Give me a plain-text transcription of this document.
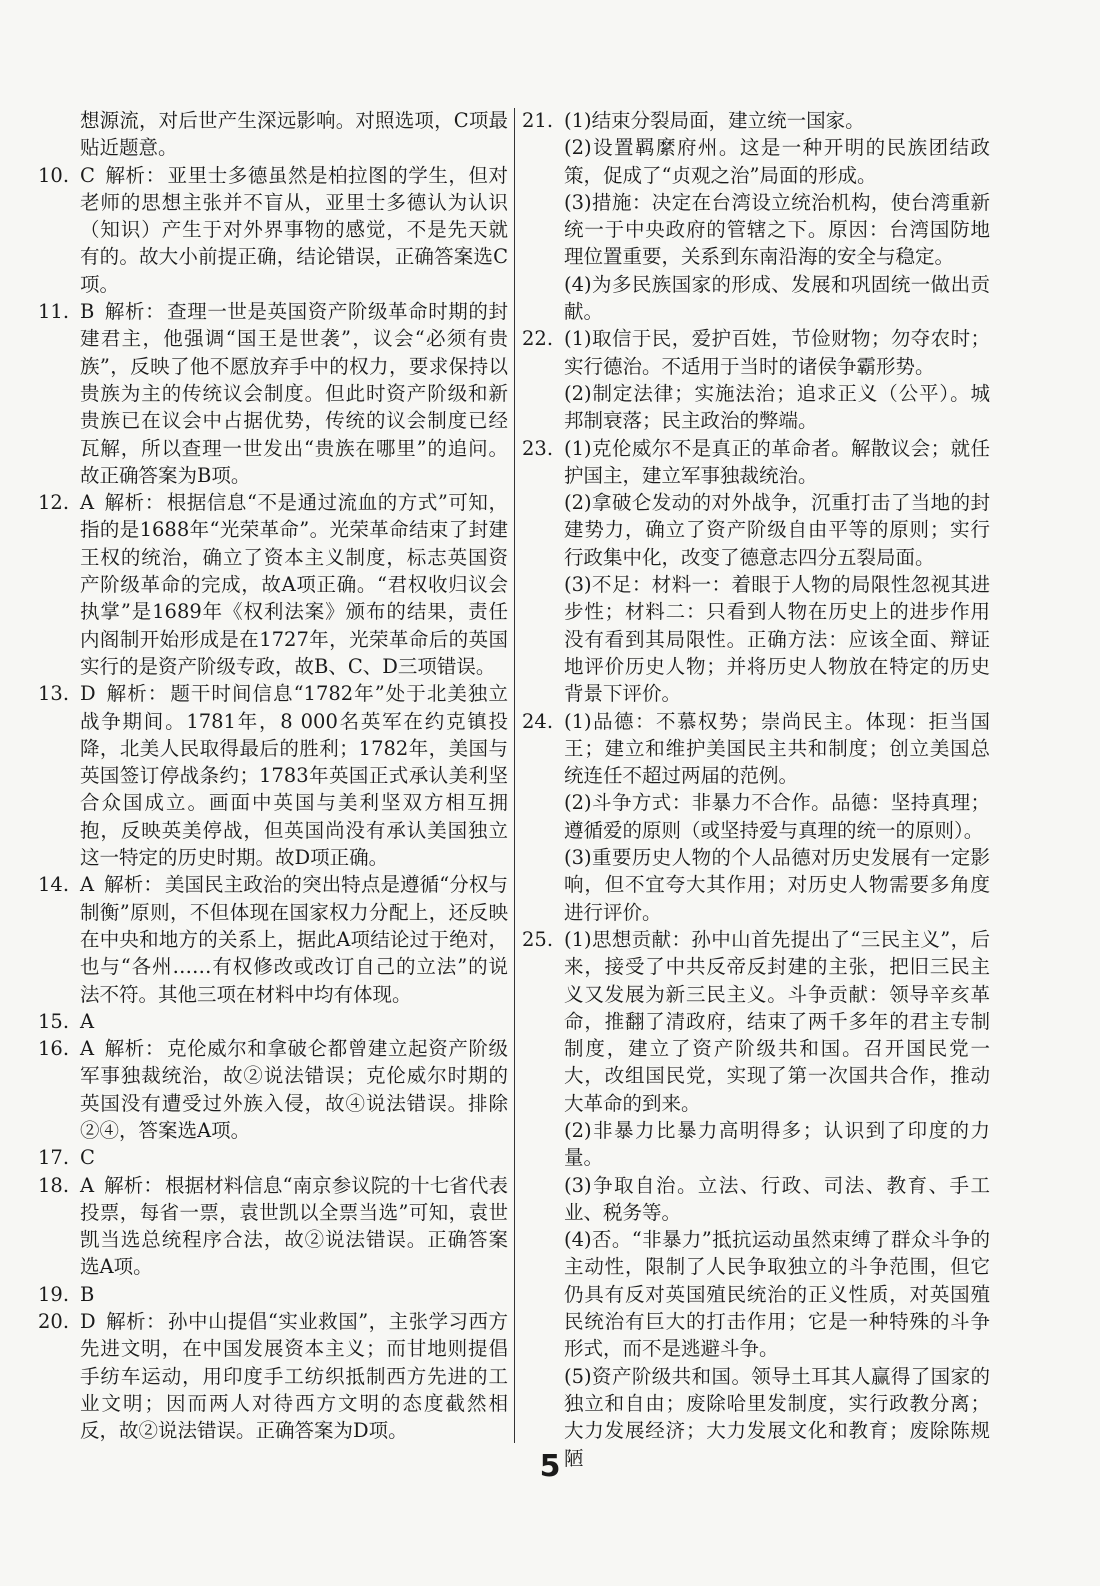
想源流，对后世产生深远影响。对照选项，C项最贴近题意。
10. C 解析： 亚里士多德虽然是柏拉图的学生，但对老师的思想主张并不盲从，亚里士多德认为认识（知识）产生于对外界事物的感觉，不是先天就有的。故大小前提正确，结论错误，正确答案选C项。
11. B 解析： 查理一世是英国资产阶级革命时期的封建君主，他强调“国王是世袭”，议会“必须有贵族”，反映了他不愿放弃手中的权力，要求保持以贵族为主的传统议会制度。但此时资产阶级和新贵族已在议会中占据优势，传统的议会制度已经瓦解，所以查理一世发出“贵族在哪里”的追问。故正确答案为B项。
12. A 解析： 根据信息“不是通过流血的方式”可知，指的是1688年“光荣革命”。光荣革命结束了封建王权的统治，确立了资本主义制度，标志英国资产阶级革命的完成，故A项正确。“君权收归议会执掌”是1689年《权利法案》颁布的结果，责任内阁制开始形成是在1727年，光荣革命后的英国实行的是资产阶级专政，故B、C、D三项错误。
13. D 解析： 题干时间信息“1782年”处于北美独立战争期间。1781年，8 000名英军在约克镇投降，北美人民取得最后的胜利；1782年，美国与英国签订停战条约；1783年英国正式承认美利坚合众国成立。画面中英国与美利坚双方相互拥抱，反映英美停战，但英国尚没有承认美国独立这一特定的历史时期。故D项正确。
14. A 解析： 美国民主政治的突出特点是遵循“分权与制衡”原则，不但体现在国家权力分配上，还反映在中央和地方的关系上，据此A项结论过于绝对，也与“各州……有权修改或改订自己的立法”的说法不符。其他三项在材料中均有体现。
15. A
16. A 解析： 克伦威尔和拿破仑都曾建立起资产阶级军事独裁统治，故②说法错误；克伦威尔时期的英国没有遭受过外族入侵，故④说法错误。排除②④，答案选A项。
17. C
18. A 解析： 根据材料信息“南京参议院的十七省代表投票，每省一票，袁世凯以全票当选”可知，袁世凯当选总统程序合法，故②说法错误。正确答案选A项。
19. B
20. D 解析： 孙中山提倡“实业救国”，主张学习西方先进文明，在中国发展资本主义；而甘地则提倡手纺车运动，用印度手工纺织抵制西方先进的工业文明；因而两人对待西方文明的态度截然相反，故②说法错误。正确答案为D项。
21. (1)结束分裂局面，建立统一国家。
(2)设置羁縻府州。这是一种开明的民族团结政策，促成了“贞观之治”局面的形成。
(3)措施：决定在台湾设立统治机构，使台湾重新统一于中央政府的管辖之下。原因：台湾国防地理位置重要，关系到东南沿海的安全与稳定。
(4)为多民族国家的形成、发展和巩固统一做出贡献。
22. (1)取信于民，爱护百姓，节俭财物；勿夺农时；实行德治。不适用于当时的诸侯争霸形势。
(2)制定法律；实施法治；追求正义（公平）。城邦制衰落；民主政治的弊端。
23. (1)克伦威尔不是真正的革命者。解散议会；就任护国主，建立军事独裁统治。
(2)拿破仑发动的对外战争，沉重打击了当地的封建势力，确立了资产阶级自由平等的原则；实行行政集中化，改变了德意志四分五裂局面。
(3)不足：材料一：着眼于人物的局限性忽视其进步性；材料二：只看到人物在历史上的进步作用没有看到其局限性。正确方法：应该全面、辩证地评价历史人物；并将历史人物放在特定的历史背景下评价。
24. (1)品德：不慕权势；崇尚民主。体现：拒当国王；建立和维护美国民主共和制度；创立美国总统连任不超过两届的范例。
(2)斗争方式：非暴力不合作。品德：坚持真理；遵循爱的原则（或坚持爱与真理的统一的原则）。
(3)重要历史人物的个人品德对历史发展有一定影响，但不宜夸大其作用；对历史人物需要多角度进行评价。
25. (1)思想贡献：孙中山首先提出了“三民主义”，后来，接受了中共反帝反封建的主张，把旧三民主义又发展为新三民主义。斗争贡献：领导辛亥革命，推翻了清政府，结束了两千多年的君主专制制度，建立了资产阶级共和国。召开国民党一大，改组国民党，实现了第一次国共合作，推动大革命的到来。
(2)非暴力比暴力高明得多；认识到了印度的力量。
(3)争取自治。立法、行政、司法、教育、手工业、税务等。
(4)否。“非暴力”抵抗运动虽然束缚了群众斗争的主动性，限制了人民争取独立的斗争范围，但它仍具有反对英国殖民统治的正义性质，对英国殖民统治有巨大的打击作用；它是一种特殊的斗争形式，而不是逃避斗争。
(5)资产阶级共和国。领导土耳其人赢得了国家的独立和自由；废除哈里发制度，实行政教分离；大力发展经济；大力发展文化和教育；废除陈规陋
5
